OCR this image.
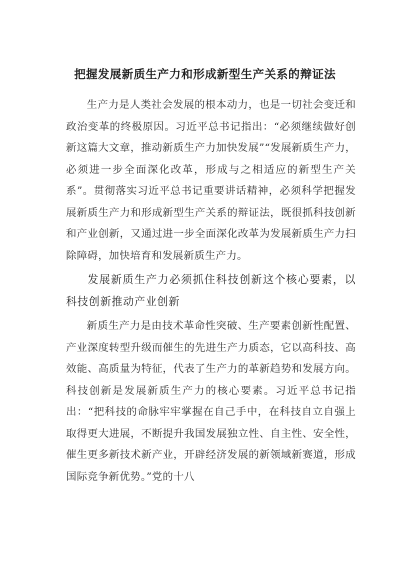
把握发展新质生产力和形成新型生产关系的辩证法

生产力是人类社会发展的根本动力，也是一切社会变迁和政治变革的终极原因。习近平总书记指出：“必须继续做好创新这篇大文章，推动新质生产力加快发展”“发展新质生产力，必须进一步全面深化改革，形成与之相适应的新型生产关系”。贯彻落实习近平总书记重要讲话精神，必须科学把握发展新质生产力和形成新型生产关系的辩证法，既很抓科技创新和产业创新，又通过进一步全面深化改革为发展新质生产力扫除障碍，加快培育和发展新质生产力。

发展新质生产力必须抓住科技创新这个核心要素，以科技创新推动产业创新

新质生产力是由技术革命性突破、生产要素创新性配置、产业深度转型升级而催生的先进生产力质态，它以高科技、高效能、高质量为特征，代表了生产力的革新趋势和发展方向。科技创新是发展新质生产力的核心要素。习近平总书记指出：“把科技的命脉牢牢掌握在自己手中，在科技自立自强上取得更大进展，不断提升我国发展独立性、自主性、安全性，催生更多新技术新产业，开辟经济发展的新领域新赛道，形成国际竞争新优势。”党的十八
